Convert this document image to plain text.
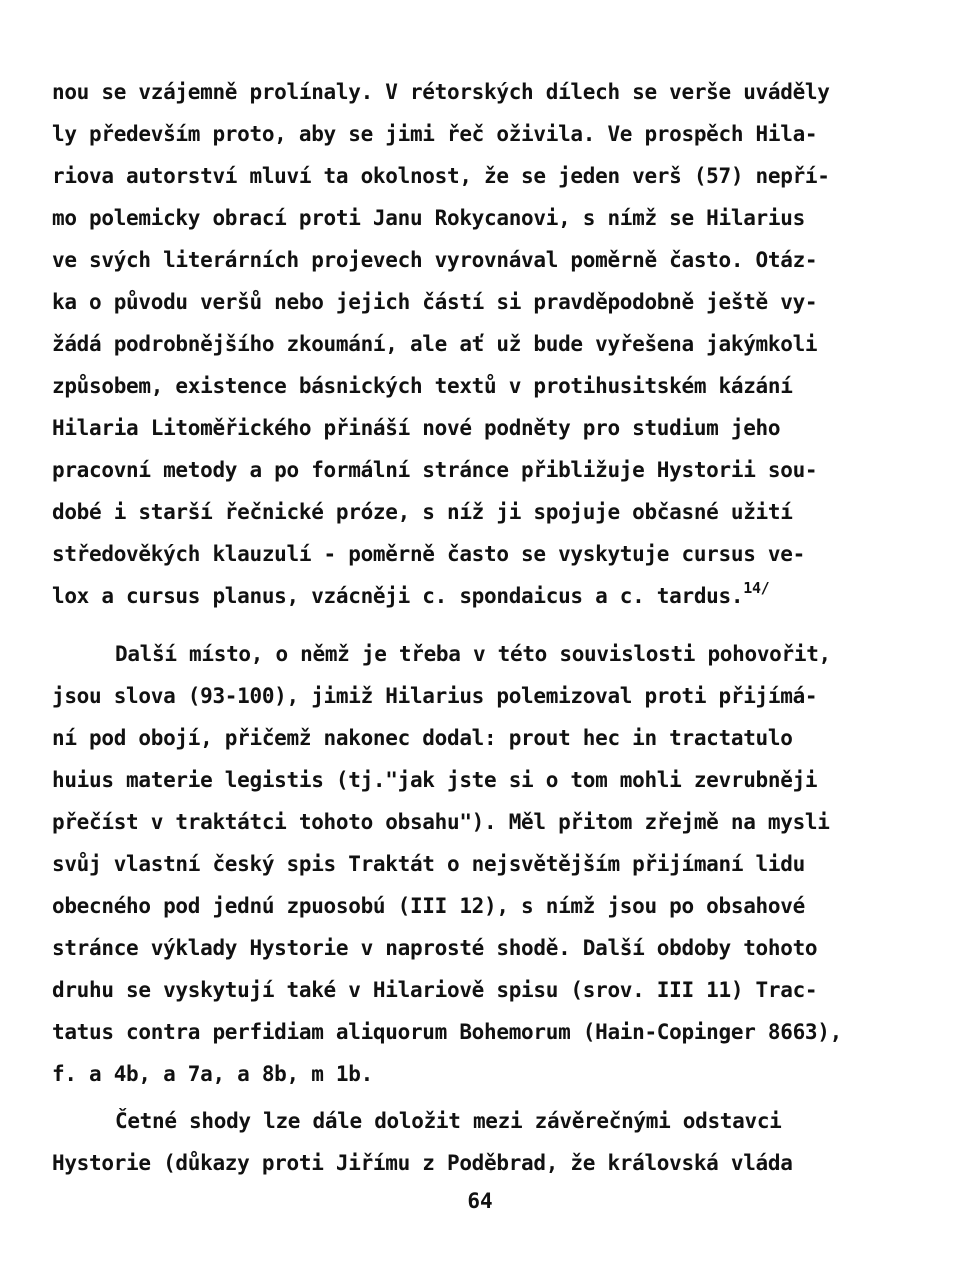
nou se vzájemně prolínaly. V rétorských dílech se verše uváděly
ly především proto, aby se jimi řeč oživila. Ve prospěch Hila-
riova autorství mluví ta okolnost, že se jeden verš (57) nepří-
mo polemicky obrací proti Janu Rokycanovi, s nímž se Hilarius
ve svých literárních projevech vyrovnával poměrně často. Otáz-
ka o původu veršů nebo jejich částí si pravděpodobně ještě vy-
žádá podrobnějšího zkoumání, ale ať už bude vyřešena jakýmkoli
způsobem, existence básnických textů v protihusitském kázání
Hilaria Litoměřického přináší nové podněty pro studium jeho
pracovní metody a po formální stránce přibližuje Hystorii sou-
dobé i starší řečnické próze, s níž ji spojuje občasné užití
středověkých klauzulí - poměrně často se vyskytuje cursus ve-
lox a cursus planus, vzácněji c. spondaicus a c. tardus.$^{14/}$
Další místo, o němž je třeba v této souvislosti pohovořit,
jsou slova (93-100), jimiž Hilarius polemizoval proti přijímá-
ní pod obojí, přičemž nakonec dodal: prout hec in tractatulo
huius materie legistis (tj."jak jste si o tom mohli zevrubněji
přečíst v traktátci tohoto obsahu"). Měl přitom zřejmě na mysli
svůj vlastní český spis Traktát o nejsvětějším přijímaní lidu
obecného pod jednú zpuosobú (III 12), s nímž jsou po obsahové
stránce výklady Hystorie v naprosté shodě. Další obdoby tohoto
druhu se vyskytují také v Hilariově spisu (srov. III 11) Trac-
tatus contra perfidiam aliquorum Bohemorum (Hain-Copinger 8663),
f. a 4b, a 7a, a 8b, m 1b.
Četné shody lze dále doložit mezi závěrečnými odstavci
Hystorie (důkazy proti Jiřímu z Poděbrad, že královská vláda
64
